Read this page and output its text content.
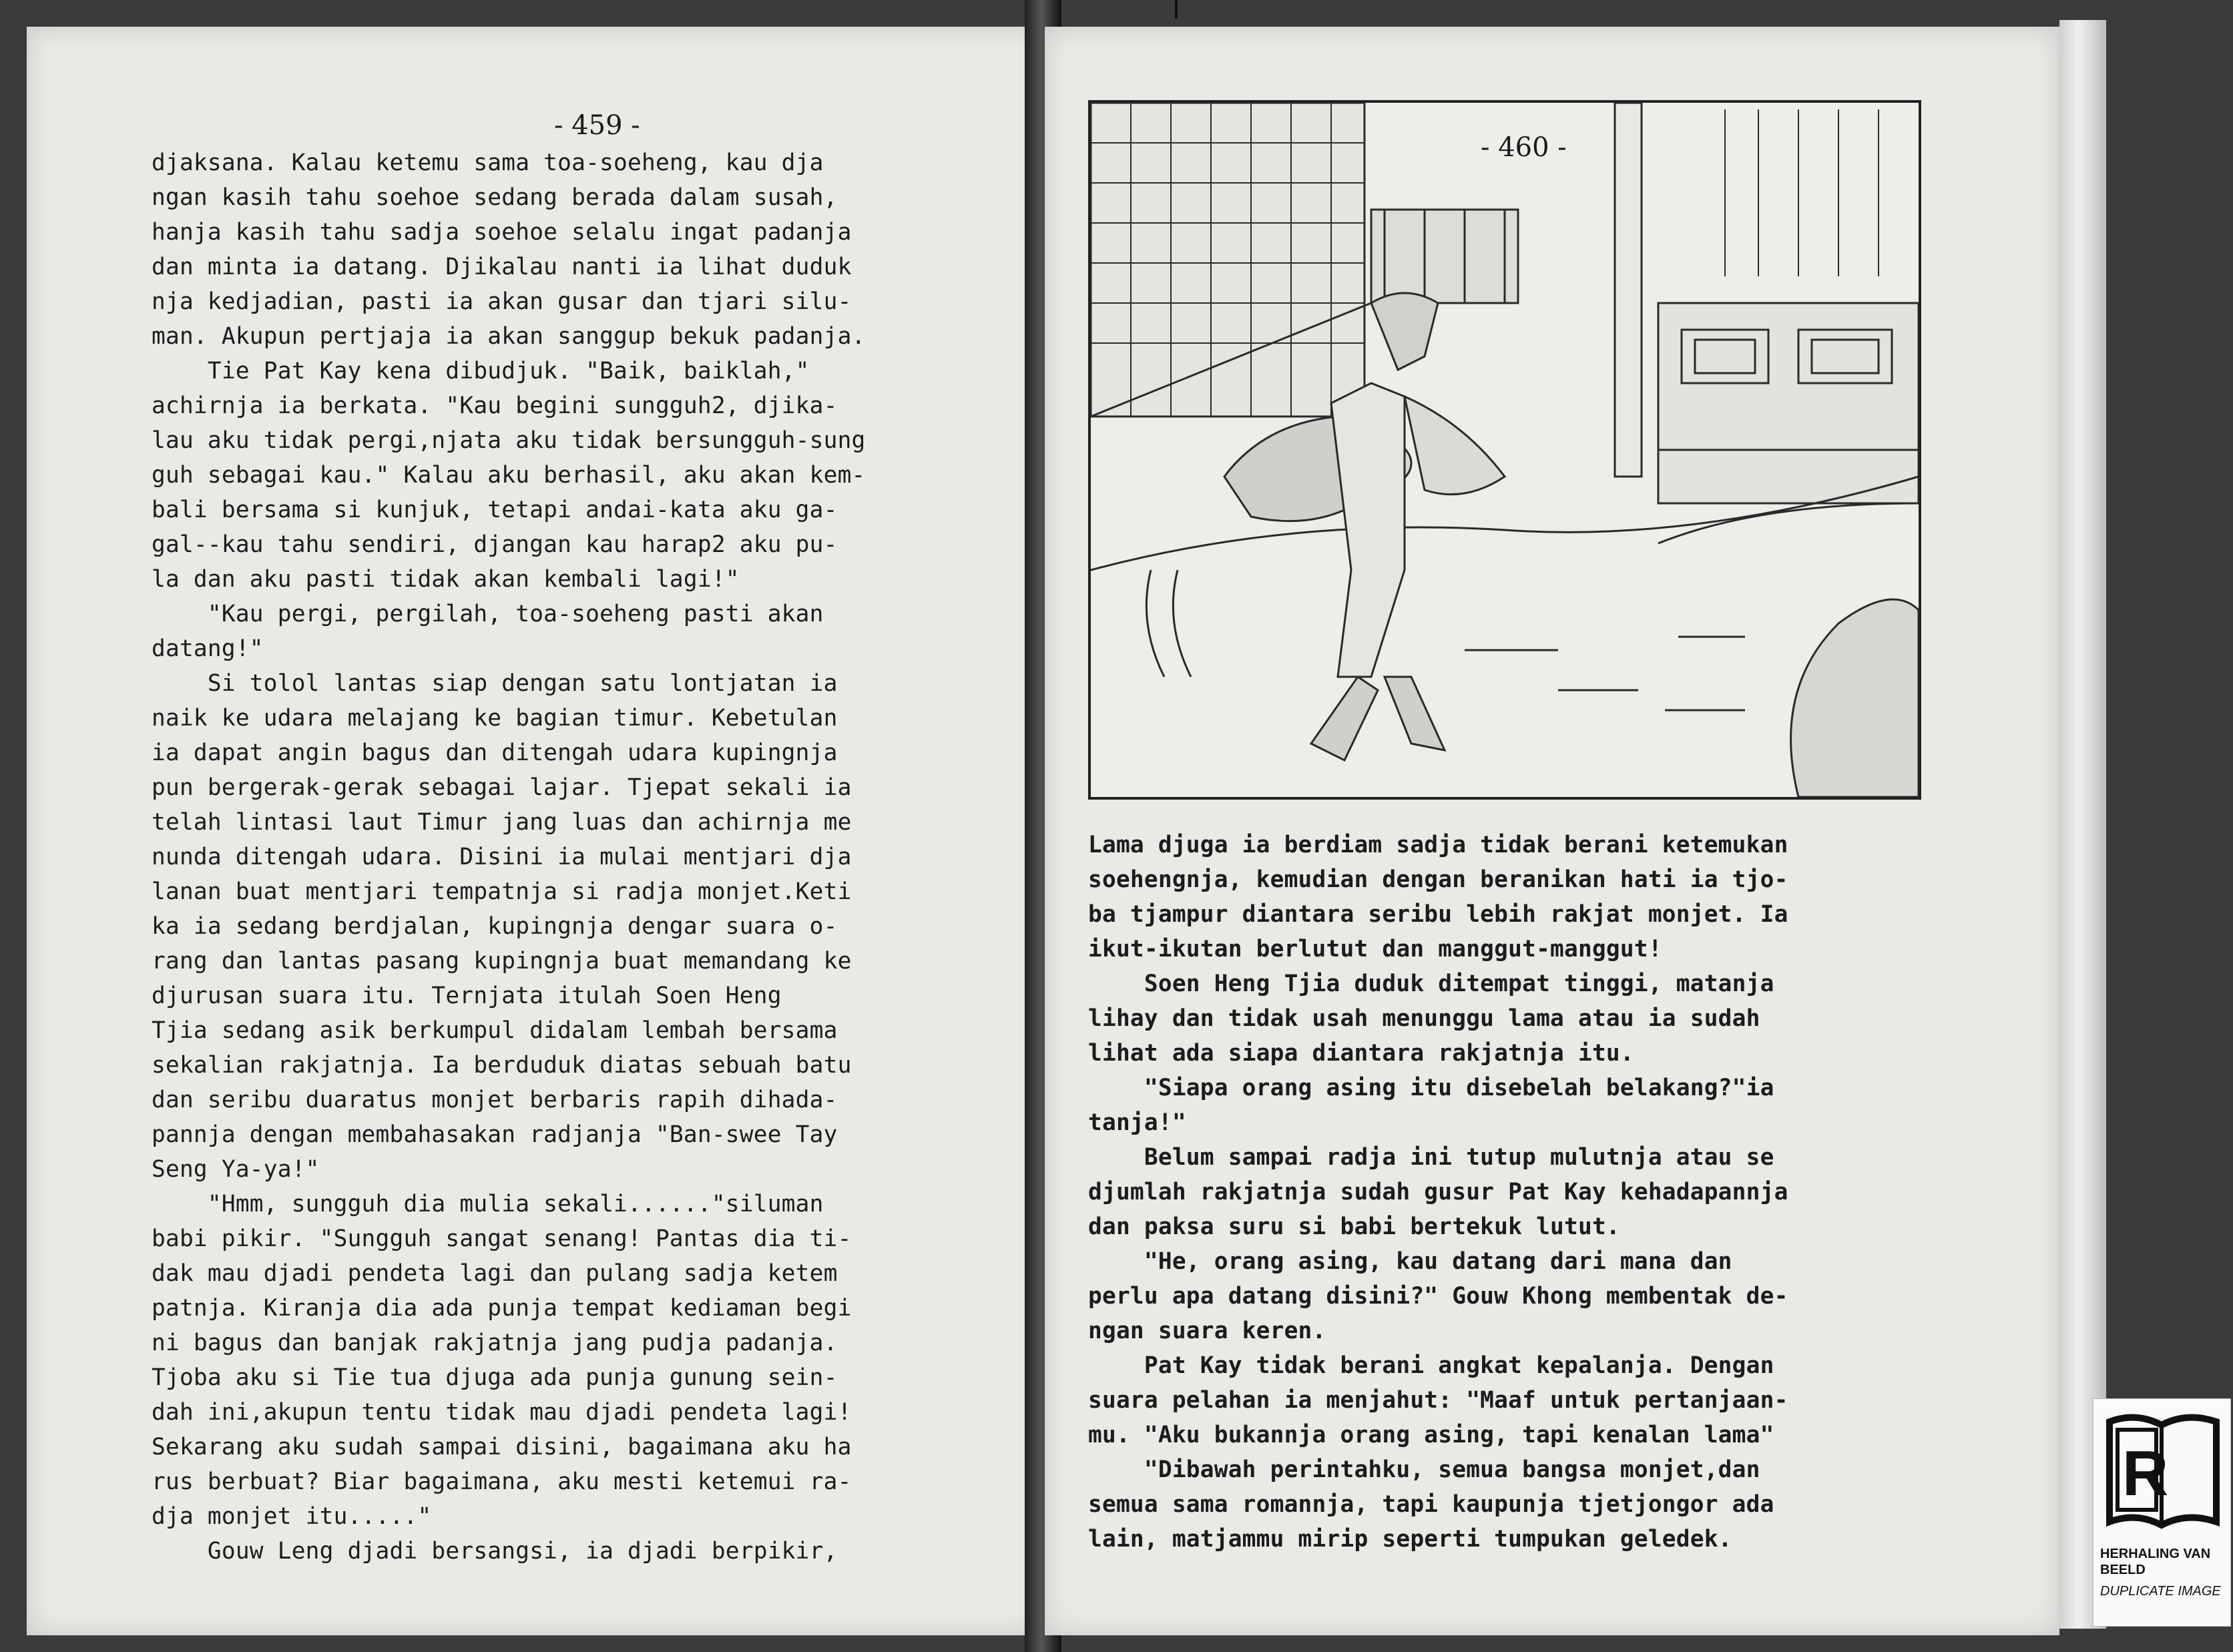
- 459 -
djaksana. Kalau ketemu sama toa-soeheng, kau dja
ngan kasih tahu soehoe sedang berada dalam susah,
hanja kasih tahu sadja soehoe selalu ingat padanja
dan minta ia datang. Djikalau nanti ia lihat duduk
nja kedjadian, pasti ia akan gusar dan tjari silu-
man. Akupun pertjaja ia akan sanggup bekuk padanja.
Tie Pat Kay kena dibudjuk. "Baik, baiklah,"
achirnja ia berkata. "Kau begini sungguh2, djika-
lau aku tidak pergi,njata aku tidak bersungguh-sung
guh sebagai kau." Kalau aku berhasil, aku akan kem-
bali bersama si kunjuk, tetapi andai-kata aku ga-
gal--kau tahu sendiri, djangan kau harap2 aku pu-
la dan aku pasti tidak akan kembali lagi!"
"Kau pergi, pergilah, toa-soeheng pasti akan
datang!"
Si tolol lantas siap dengan satu lontjatan ia
naik ke udara melajang ke bagian timur. Kebetulan
ia dapat angin bagus dan ditengah udara kupingnja
pun bergerak-gerak sebagai lajar. Tjepat sekali ia
telah lintasi laut Timur jang luas dan achirnja me
nunda ditengah udara. Disini ia mulai mentjari dja
lanan buat mentjari tempatnja si radja monjet.Keti
ka ia sedang berdjalan, kupingnja dengar suara o-
rang dan lantas pasang kupingnja buat memandang ke
djurusan suara itu. Ternjata itulah Soen Heng
Tjia sedang asik berkumpul didalam lembah bersama
sekalian rakjatnja. Ia berduduk diatas sebuah batu
dan seribu duaratus monjet berbaris rapih dihada-
pannja dengan membahasakan radjanja "Ban-swee Tay
Seng Ya-ya!"
"Hmm, sungguh dia mulia sekali......"siluman
babi pikir. "Sungguh sangat senang! Pantas dia ti-
dak mau djadi pendeta lagi dan pulang sadja ketem
patnja. Kiranja dia ada punja tempat kediaman begi
ni bagus dan banjak rakjatnja jang pudja padanja.
Tjoba aku si Tie tua djuga ada punja gunung sein-
dah ini,akupun tentu tidak mau djadi pendeta lagi!
Sekarang aku sudah sampai disini, bagaimana aku ha
rus berbuat? Biar bagaimana, aku mesti ketemui ra-
dja monjet itu....."
Gouw Leng djadi bersangsi, ia djadi berpikir,
- 460 -
Lama djuga ia berdiam sadja tidak berani ketemukan
soehengnja, kemudian dengan beranikan hati ia tjo-
ba tjampur diantara seribu lebih rakjat monjet. Ia
ikut-ikutan berlutut dan manggut-manggut!
Soen Heng Tjia duduk ditempat tinggi, matanja
lihay dan tidak usah menunggu lama atau ia sudah
lihat ada siapa diantara rakjatnja itu.
"Siapa orang asing itu disebelah belakang?"ia
tanja!"
Belum sampai radja ini tutup mulutnja atau se
djumlah rakjatnja sudah gusur Pat Kay kehadapannja
dan paksa suru si babi bertekuk lutut.
"He, orang asing, kau datang dari mana dan
perlu apa datang disini?" Gouw Khong membentak de-
ngan suara keren.
Pat Kay tidak berani angkat kepalanja. Dengan
suara pelahan ia menjahut: "Maaf untuk pertanjaan-
mu. "Aku bukannja orang asing, tapi kenalan lama"
"Dibawah perintahku, semua bangsa monjet,dan
semua sama romannja, tapi kaupunja tjetjongor ada
lain, matjammu mirip seperti tumpukan geledek.
R
HERHALING VAN BEELD
DUPLICATE IMAGE
